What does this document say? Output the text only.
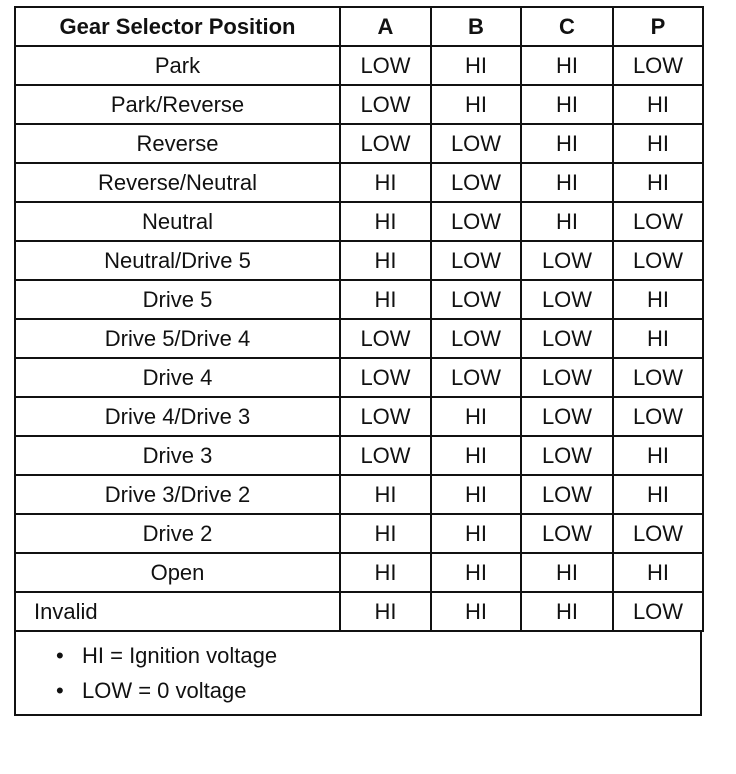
Gear Selector Position	A	B	C	P
Park	LOW	HI	HI	LOW
Park/Reverse	LOW	HI	HI	HI
Reverse	LOW	LOW	HI	HI
Reverse/Neutral	HI	LOW	HI	HI
Neutral	HI	LOW	HI	LOW
Neutral/Drive 5	HI	LOW	LOW	LOW
Drive 5	HI	LOW	LOW	HI
Drive 5/Drive 4	LOW	LOW	LOW	HI
Drive 4	LOW	LOW	LOW	LOW
Drive 4/Drive 3	LOW	HI	LOW	LOW
Drive 3	LOW	HI	LOW	HI
Drive 3/Drive 2	HI	HI	LOW	HI
Drive 2	HI	HI	LOW	LOW
Open	HI	HI	HI	HI
Invalid	HI	HI	HI	LOW
• HI = Ignition voltage
• LOW = 0 voltage
